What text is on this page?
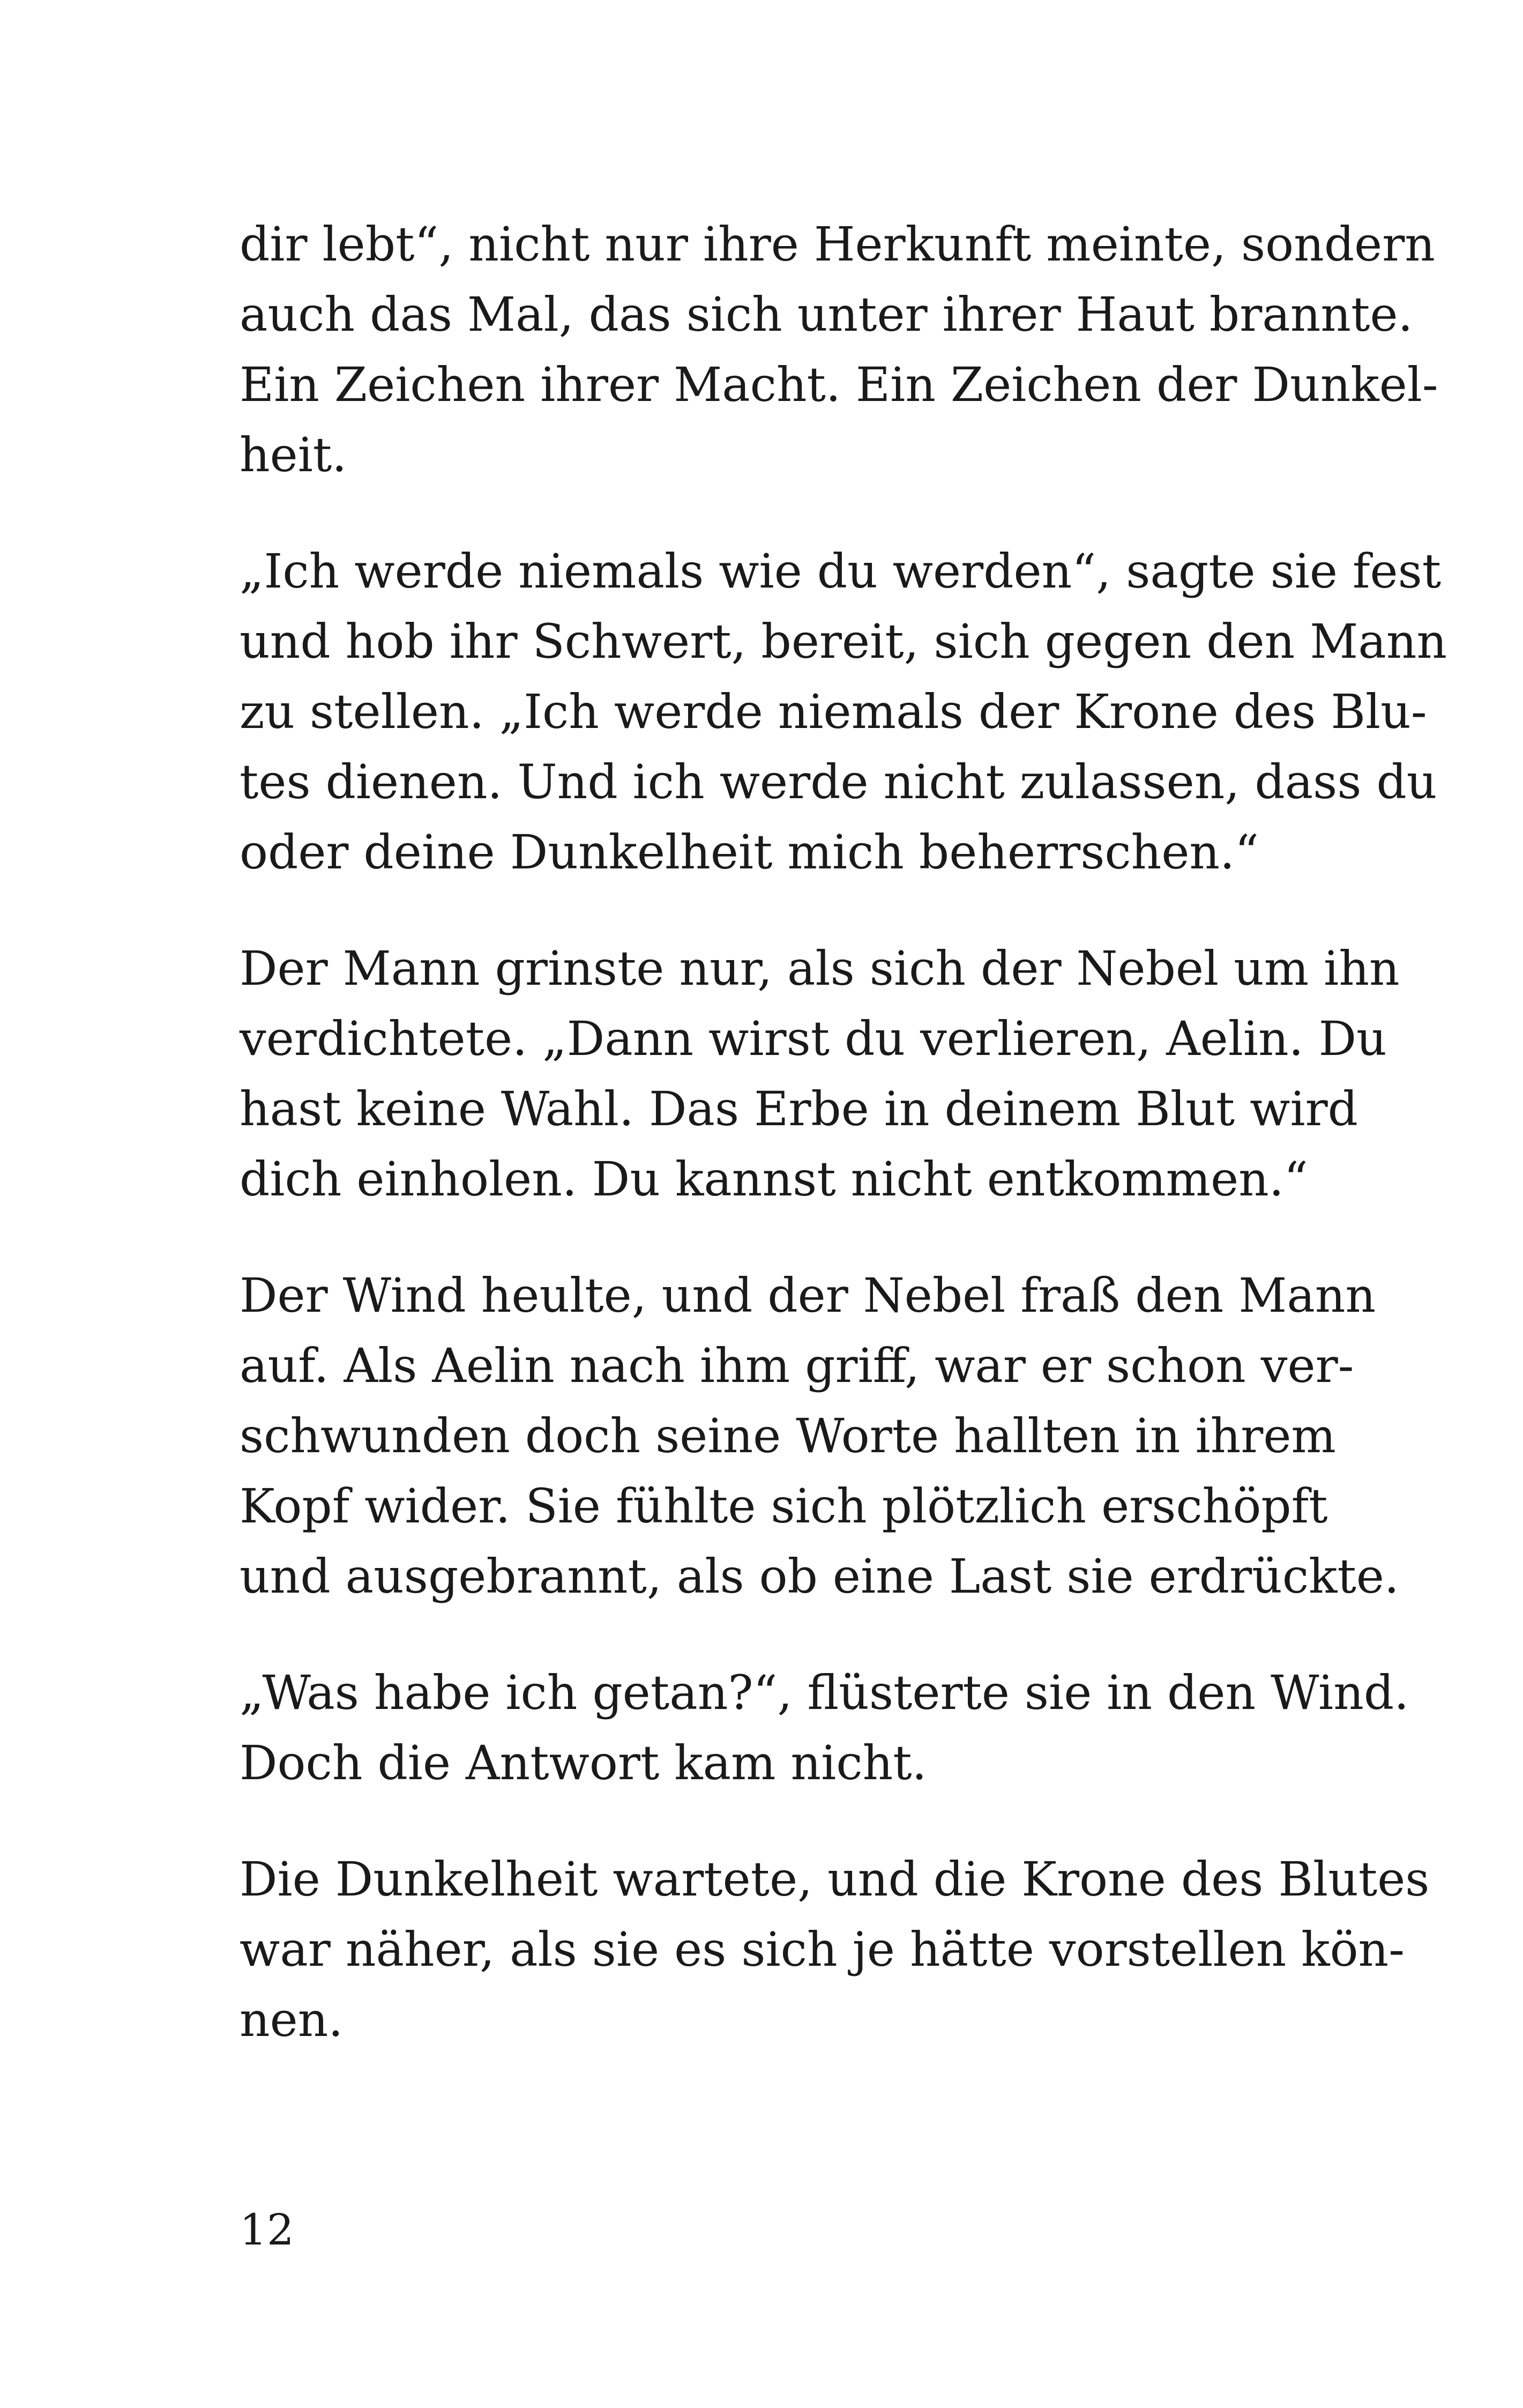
dir lebt“, nicht nur ihre Herkunft meinte, sondern
auch das Mal, das sich unter ihrer Haut brannte.
Ein Zeichen ihrer Macht. Ein Zeichen der Dunkel-
heit.

„Ich werde niemals wie du werden“, sagte sie fest
und hob ihr Schwert, bereit, sich gegen den Mann
zu stellen. „Ich werde niemals der Krone des Blu-
tes dienen. Und ich werde nicht zulassen, dass du
oder deine Dunkelheit mich beherrschen.“

Der Mann grinste nur, als sich der Nebel um ihn
verdichtete. „Dann wirst du verlieren, Aelin. Du
hast keine Wahl. Das Erbe in deinem Blut wird
dich einholen. Du kannst nicht entkommen.“

Der Wind heulte, und der Nebel fraß den Mann
auf. Als Aelin nach ihm griff, war er schon ver-
schwunden doch seine Worte hallten in ihrem
Kopf wider. Sie fühlte sich plötzlich erschöpft
und ausgebrannt, als ob eine Last sie erdrückte.

„Was habe ich getan?“, flüsterte sie in den Wind.
Doch die Antwort kam nicht.

Die Dunkelheit wartete, und die Krone des Blutes
war näher, als sie es sich je hätte vorstellen kön-
nen.

12
